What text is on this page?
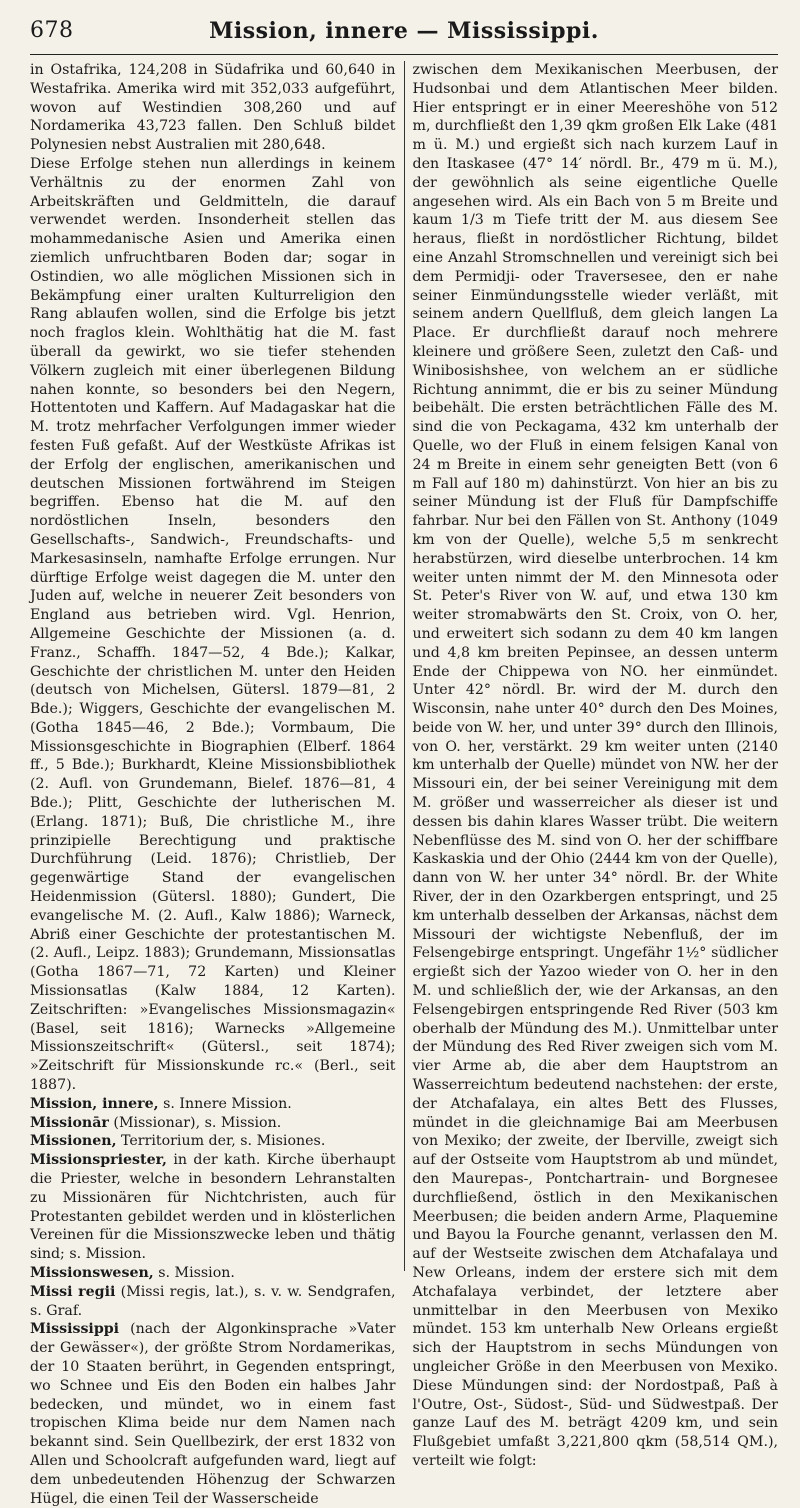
678	Mission, innere — Mississippi.

in Ostafrika, 124,208 in Südafrika und 60,640 in Westafrika. Amerika wird mit 352,033 aufgeführt, wovon auf Westindien 308,260 und auf Nordamerika 43,723 fallen. Den Schluß bildet Polynesien nebst Australien mit 280,648.

Diese Erfolge stehen nun allerdings in keinem Verhältnis zu der enormen Zahl von Arbeitskräften und Geldmitteln, die darauf verwendet werden. Insonderheit stellen das mohammedanische Asien und Amerika einen ziemlich unfruchtbaren Boden dar; sogar in Ostindien, wo alle möglichen Missionen sich in Bekämpfung einer uralten Kulturreligion den Rang ablaufen wollen, sind die Erfolge bis jetzt noch fraglos klein. Wohlthätig hat die M. fast überall da gewirkt, wo sie tiefer stehenden Völkern zugleich mit einer überlegenen Bildung nahen konnte, so besonders bei den Negern, Hottentoten und Kaffern. Auf Madagaskar hat die M. trotz mehrfacher Verfolgungen immer wieder festen Fuß gefaßt. Auf der Westküste Afrikas ist der Erfolg der englischen, amerikanischen und deutschen Missionen fortwährend im Steigen begriffen. Ebenso hat die M. auf den nordöstlichen Inseln, besonders den Gesellschafts-, Sandwich-, Freundschafts- und Markesasinseln, namhafte Erfolge errungen. Nur dürftige Erfolge weist dagegen die M. unter den Juden auf, welche in neuerer Zeit besonders von England aus betrieben wird. Vgl. Henrion, Allgemeine Geschichte der Missionen (a. d. Franz., Schaffh. 1847—52, 4 Bde.); Kalkar, Geschichte der christlichen M. unter den Heiden (deutsch von Michelsen, Gütersl. 1879—81, 2 Bde.); Wiggers, Geschichte der evangelischen M. (Gotha 1845—46, 2 Bde.); Vormbaum, Die Missionsgeschichte in Biographien (Elberf. 1864 ff., 5 Bde.); Burkhardt, Kleine Missionsbibliothek (2. Aufl. von Grundemann, Bielef. 1876—81, 4 Bde.); Plitt, Geschichte der lutherischen M. (Erlang. 1871); Buß, Die christliche M., ihre prinzipielle Berechtigung und praktische Durchführung (Leid. 1876); Christlieb, Der gegenwärtige Stand der evangelischen Heidenmission (Gütersl. 1880); Gundert, Die evangelische M. (2. Aufl., Kalw 1886); Warneck, Abriß einer Geschichte der protestantischen M. (2. Aufl., Leipz. 1883); Grundemann, Missionsatlas (Gotha 1867—71, 72 Karten) und Kleiner Missionsatlas (Kalw 1884, 12 Karten). Zeitschriften: »Evangelisches Missionsmagazin« (Basel, seit 1816); Warnecks »Allgemeine Missionszeitschrift« (Gütersl., seit 1874); »Zeitschrift für Missionskunde rc.« (Berl., seit 1887).

Mission, innere, s. Innere Mission.

Missionār (Missionar), s. Mission.

Missionen, Territorium der, s. Misiones.

Missionspriester, in der kath. Kirche überhaupt die Priester, welche in besondern Lehranstalten zu Missionären für Nichtchristen, auch für Protestanten gebildet werden und in klösterlichen Vereinen für die Missionszwecke leben und thätig sind; s. Mission.

Missionswesen, s. Mission.

Missi regii (Missi regis, lat.), s. v. w. Sendgrafen, s. Graf.

Mississippi (nach der Algonkinsprache »Vater der Gewässer«), der größte Strom Nordamerikas, der 10 Staaten berührt, in Gegenden entspringt, wo Schnee und Eis den Boden ein halbes Jahr bedecken, und mündet, wo in einem fast tropischen Klima beide nur dem Namen nach bekannt sind. Sein Quellbezirk, der erst 1832 von Allen und Schoolcraft aufgefunden ward, liegt auf dem unbedeutenden Höhenzug der Schwarzen Hügel, die einen Teil der Wasserscheide

zwischen dem Mexikanischen Meerbusen, der Hudsonbai und dem Atlantischen Meer bilden. Hier entspringt er in einer Meereshöhe von 512 m, durchfließt den 1,39 qkm großen Elk Lake (481 m ü. M.) und ergießt sich nach kurzem Lauf in den Itaskasee (47° 14′ nördl. Br., 479 m ü. M.), der gewöhnlich als seine eigentliche Quelle angesehen wird. Als ein Bach von 5 m Breite und kaum 1/3 m Tiefe tritt der M. aus diesem See heraus, fließt in nordöstlicher Richtung, bildet eine Anzahl Stromschnellen und vereinigt sich bei dem Permidji- oder Traversesee, den er nahe seiner Einmündungsstelle wieder verläßt, mit seinem andern Quellfluß, dem gleich langen La Place. Er durchfließt darauf noch mehrere kleinere und größere Seen, zuletzt den Caß- und Winibosishshee, von welchem an er südliche Richtung annimmt, die er bis zu seiner Mündung beibehält. Die ersten beträchtlichen Fälle des M. sind die von Peckagama, 432 km unterhalb der Quelle, wo der Fluß in einem felsigen Kanal von 24 m Breite in einem sehr geneigten Bett (von 6 m Fall auf 180 m) dahinstürzt. Von hier an bis zu seiner Mündung ist der Fluß für Dampfschiffe fahrbar. Nur bei den Fällen von St. Anthony (1049 km von der Quelle), welche 5,5 m senkrecht herabstürzen, wird dieselbe unterbrochen. 14 km weiter unten nimmt der M. den Minnesota oder St. Peter's River von W. auf, und etwa 130 km weiter stromabwärts den St. Croix, von O. her, und erweitert sich sodann zu dem 40 km langen und 4,8 km breiten Pepinsee, an dessen unterm Ende der Chippewa von NO. her einmündet. Unter 42° nördl. Br. wird der M. durch den Wisconsin, nahe unter 40° durch den Des Moines, beide von W. her, und unter 39° durch den Illinois, von O. her, verstärkt. 29 km weiter unten (2140 km unterhalb der Quelle) mündet von NW. her der Missouri ein, der bei seiner Vereinigung mit dem M. größer und wasserreicher als dieser ist und dessen bis dahin klares Wasser trübt. Die weitern Nebenflüsse des M. sind von O. her der schiffbare Kaskaskia und der Ohio (2444 km von der Quelle), dann von W. her unter 34° nördl. Br. der White River, der in den Ozarkbergen entspringt, und 25 km unterhalb desselben der Arkansas, nächst dem Missouri der wichtigste Nebenfluß, der im Felsengebirge entspringt. Ungefähr 1½° südlicher ergießt sich der Yazoo wieder von O. her in den M. und schließlich der, wie der Arkansas, an den Felsengebirgen entspringende Red River (503 km oberhalb der Mündung des M.). Unmittelbar unter der Mündung des Red River zweigen sich vom M. vier Arme ab, die aber dem Hauptstrom an Wasserreichtum bedeutend nachstehen: der erste, der Atchafalaya, ein altes Bett des Flusses, mündet in die gleichnamige Bai am Meerbusen von Mexiko; der zweite, der Iberville, zweigt sich auf der Ostseite vom Hauptstrom ab und mündet, den Maurepas-, Pontchartrain- und Borgnesee durchfließend, östlich in den Mexikanischen Meerbusen; die beiden andern Arme, Plaquemine und Bayou la Fourche genannt, verlassen den M. auf der Westseite zwischen dem Atchafalaya und New Orleans, indem der erstere sich mit dem Atchafalaya verbindet, der letztere aber unmittelbar in den Meerbusen von Mexiko mündet. 153 km unterhalb New Orleans ergießt sich der Hauptstrom in sechs Mündungen von ungleicher Größe in den Meerbusen von Mexiko. Diese Mündungen sind: der Nordostpaß, Paß à l'Outre, Ost-, Südost-, Süd- und Südwestpaß. Der ganze Lauf des M. beträgt 4209 km, und sein Flußgebiet umfaßt 3,221,800 qkm (58,514 QM.), verteilt wie folgt:
